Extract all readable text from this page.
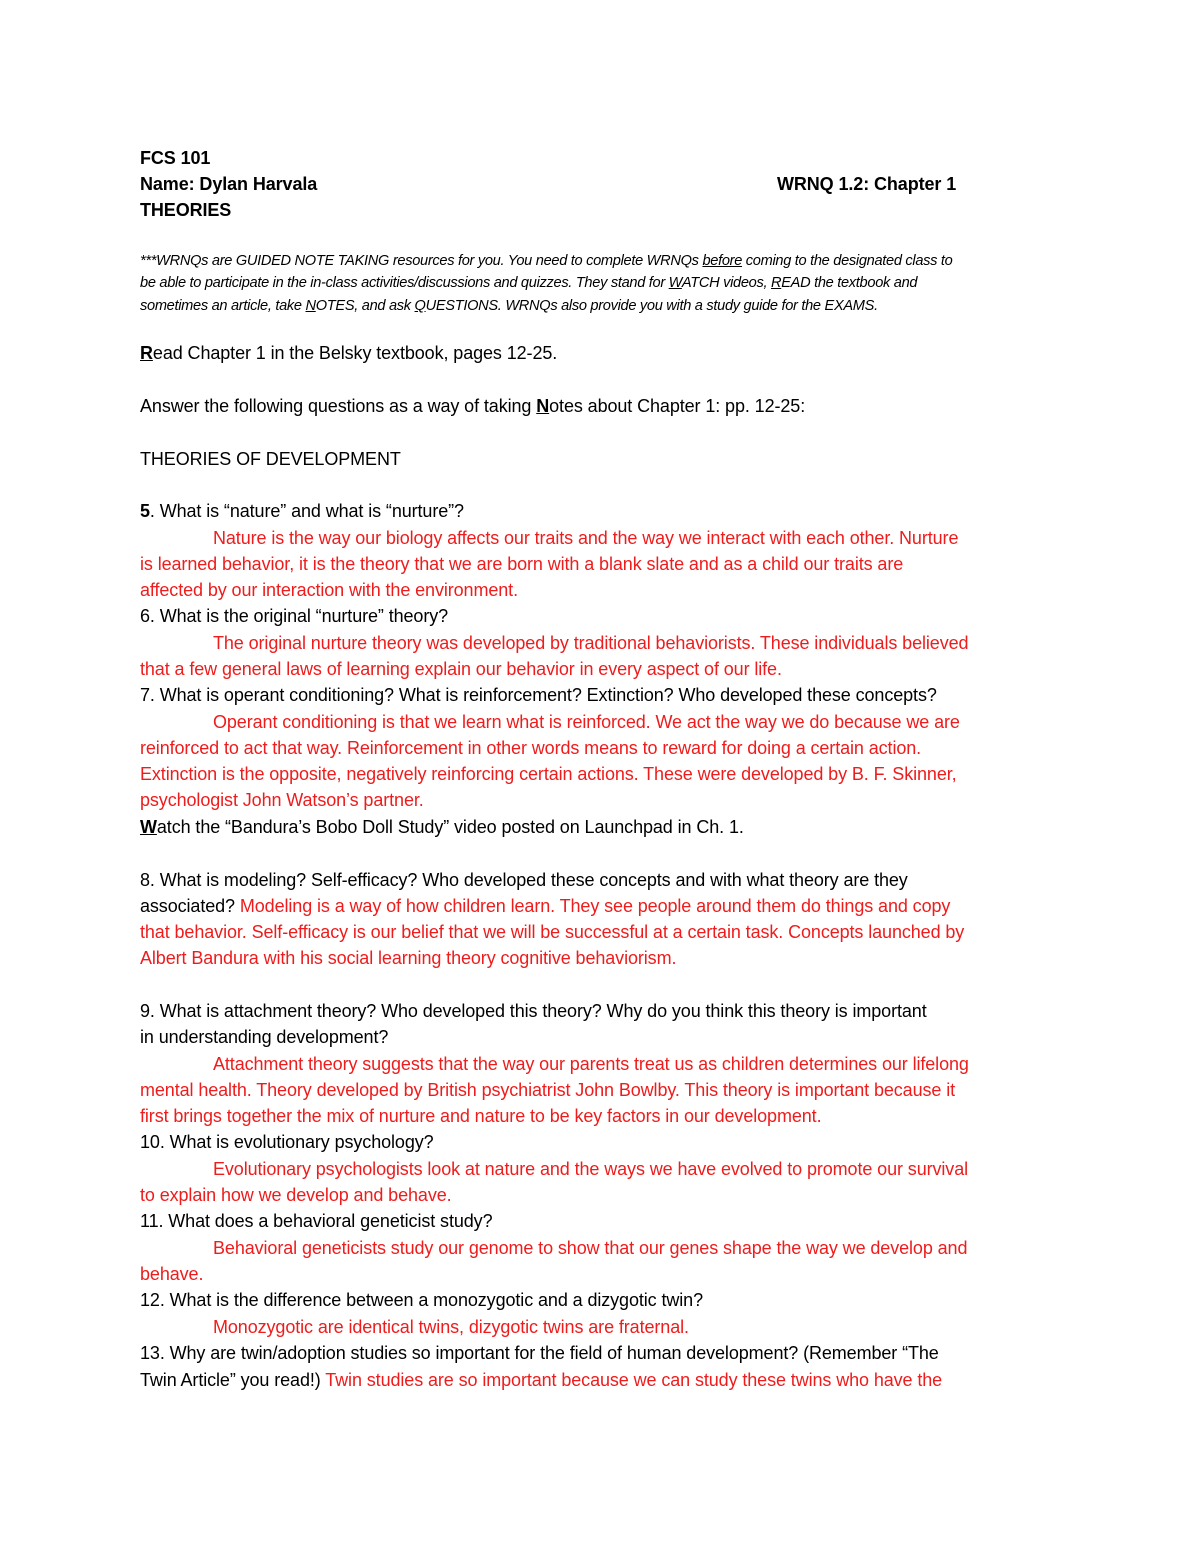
FCS 101
Name: Dylan Harvala	WRNQ 1.2: Chapter 1
THEORIES
***WRNQs are GUIDED NOTE TAKING resources for you. You need to complete WRNQs before coming to the designated class to
be able to participate in the in-class activities/discussions and quizzes. They stand for WATCH videos, READ the textbook and
sometimes an article, take NOTES, and ask QUESTIONS. WRNQs also provide you with a study guide for the EXAMS.
Read Chapter 1 in the Belsky textbook, pages 12-25.
Answer the following questions as a way of taking Notes about Chapter 1: pp. 12-25:
THEORIES OF DEVELOPMENT
5. What is “nature” and what is “nurture”?
Nature is the way our biology affects our traits and the way we interact with each other. Nurture
is learned behavior, it is the theory that we are born with a blank slate and as a child our traits are
affected by our interaction with the environment.
6. What is the original “nurture” theory?
The original nurture theory was developed by traditional behaviorists. These individuals believed
that a few general laws of learning explain our behavior in every aspect of our life.
7. What is operant conditioning? What is reinforcement? Extinction? Who developed these concepts?
Operant conditioning is that we learn what is reinforced. We act the way we do because we are
reinforced to act that way. Reinforcement in other words means to reward for doing a certain action.
Extinction is the opposite, negatively reinforcing certain actions. These were developed by B. F. Skinner,
psychologist John Watson’s partner.
Watch the “Bandura’s Bobo Doll Study” video posted on Launchpad in Ch. 1.
8. What is modeling? Self-efficacy? Who developed these concepts and with what theory are they
associated? Modeling is a way of how children learn. They see people around them do things and copy
that behavior. Self-efficacy is our belief that we will be successful at a certain task. Concepts launched by
Albert Bandura with his social learning theory cognitive behaviorism.
9. What is attachment theory? Who developed this theory? Why do you think this theory is important
in understanding development?
Attachment theory suggests that the way our parents treat us as children determines our lifelong
mental health. Theory developed by British psychiatrist John Bowlby. This theory is important because it
first brings together the mix of nurture and nature to be key factors in our development.
10. What is evolutionary psychology?
Evolutionary psychologists look at nature and the ways we have evolved to promote our survival
to explain how we develop and behave.
11. What does a behavioral geneticist study?
Behavioral geneticists study our genome to show that our genes shape the way we develop and
behave.
12. What is the difference between a monozygotic and a dizygotic twin?
Monozygotic are identical twins, dizygotic twins are fraternal.
13. Why are twin/adoption studies so important for the field of human development? (Remember “The
Twin Article” you read!) Twin studies are so important because we can study these twins who have the
